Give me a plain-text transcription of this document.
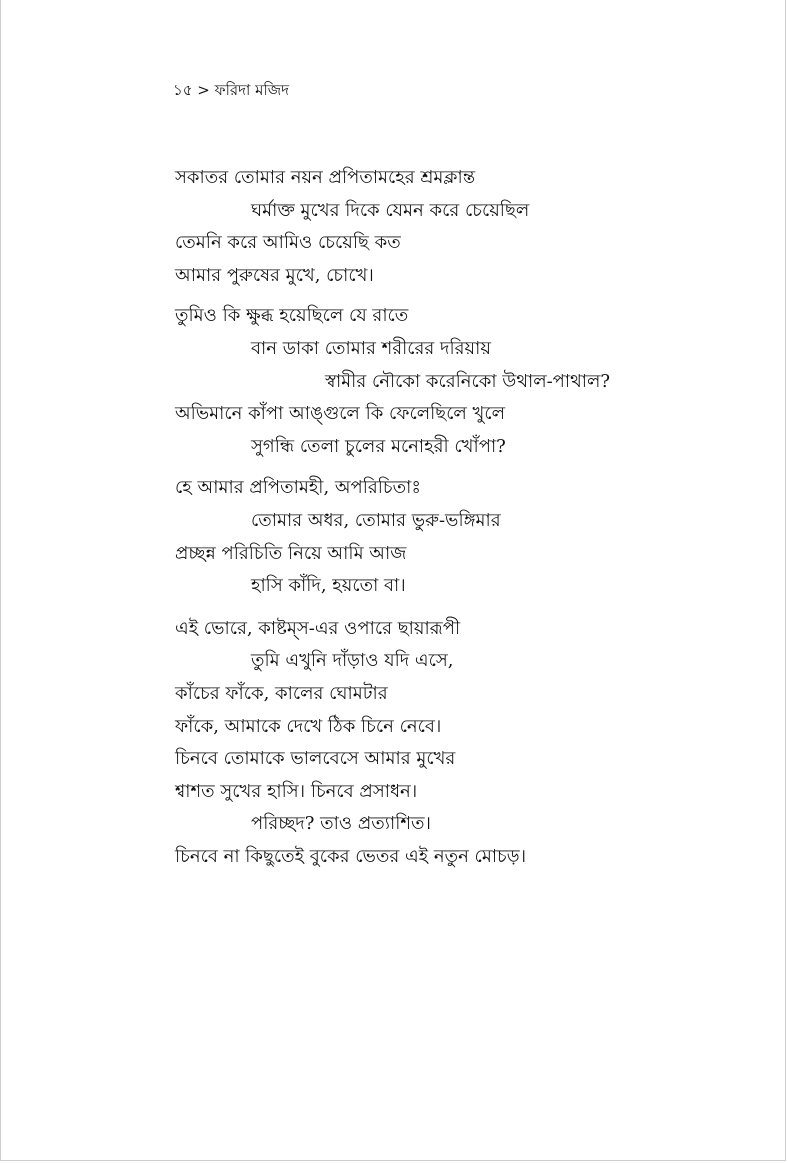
১৫ > ফরিদা মজিদ
সকাতর তোমার নয়ন প্রপিতামহের শ্রমক্লান্ত
ঘর্মাক্ত মুখের দিকে যেমন করে চেয়েছিল
তেমনি করে আমিও চেয়েছি কত
আমার পুরুষের মুখে, চোখে।
তুমিও কি ক্ষুব্ধ হয়েছিলে যে রাতে
বান ডাকা তোমার শরীরের দরিয়ায়
স্বামীর নৌকো করেনিকো উথাল-পাথাল?
অভিমানে কাঁপা আঙ্গুলে কি ফেলেছিলে খুলে
সুগন্ধি তেলা চুলের মনোহরী খোঁপা?
হে আমার প্রপিতামহী, অপরিচিতাঃ
তোমার অধর, তোমার ভুরু-ভঙ্গিমার
প্রচ্ছন্ন পরিচিতি নিয়ে আমি আজ
হাসি কাঁদি, হয়তো বা।
এই ভোরে, কাষ্টম্‌স-এর ওপারে ছায়ারূপী
তুমি এখুনি দাঁড়াও যদি এসে,
কাঁচের ফাঁকে, কালের ঘোমটার
ফাঁকে, আমাকে দেখে ঠিক চিনে নেবে।
চিনবে তোমাকে ভালবেসে আমার মুখের
শ্বাশত সুখের হাসি। চিনবে প্রসাধন।
পরিচ্ছদ? তাও প্রত্যাশিত।
চিনবে না কিছুতেই বুকের ভেতর এই নতুন মোচড়।
